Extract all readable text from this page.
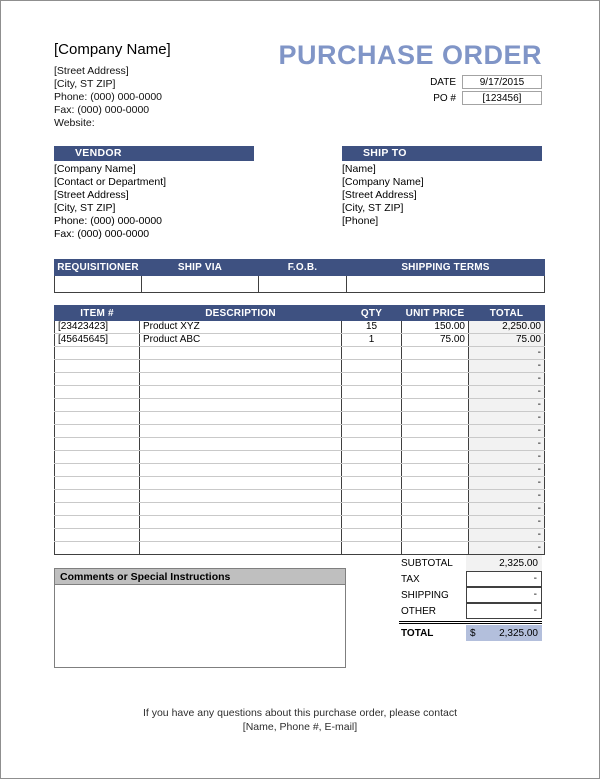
[Company Name]
[Street Address]
[City, ST ZIP]
Phone: (000) 000-0000
Fax: (000) 000-0000
Website:
PURCHASE ORDER
DATE	9/17/2015
PO #	[123456]
VENDOR
[Company Name]
[Contact or Department]
[Street Address]
[City, ST ZIP]
Phone: (000) 000-0000
Fax: (000) 000-0000
SHIP TO
[Name]
[Company Name]
[Street Address]
[City, ST ZIP]
[Phone]
REQUISITIONER	SHIP VIA	F.O.B.	SHIPPING TERMS

ITEM #	DESCRIPTION	QTY	UNIT PRICE	TOTAL
[23423423]	Product XYZ	15	150.00	2,250.00
[45645645]	Product ABC	1	75.00	75.00
				-
				-
				-
				-
				-
				-
				-
				-
				-
				-
				-
				-
				-
				-
				-
				-
Comments or Special Instructions
SUBTOTAL	2,325.00
TAX	-
SHIPPING	-
OTHER	-
TOTAL	$ 2,325.00
If you have any questions about this purchase order, please contact
[Name, Phone #, E-mail]
